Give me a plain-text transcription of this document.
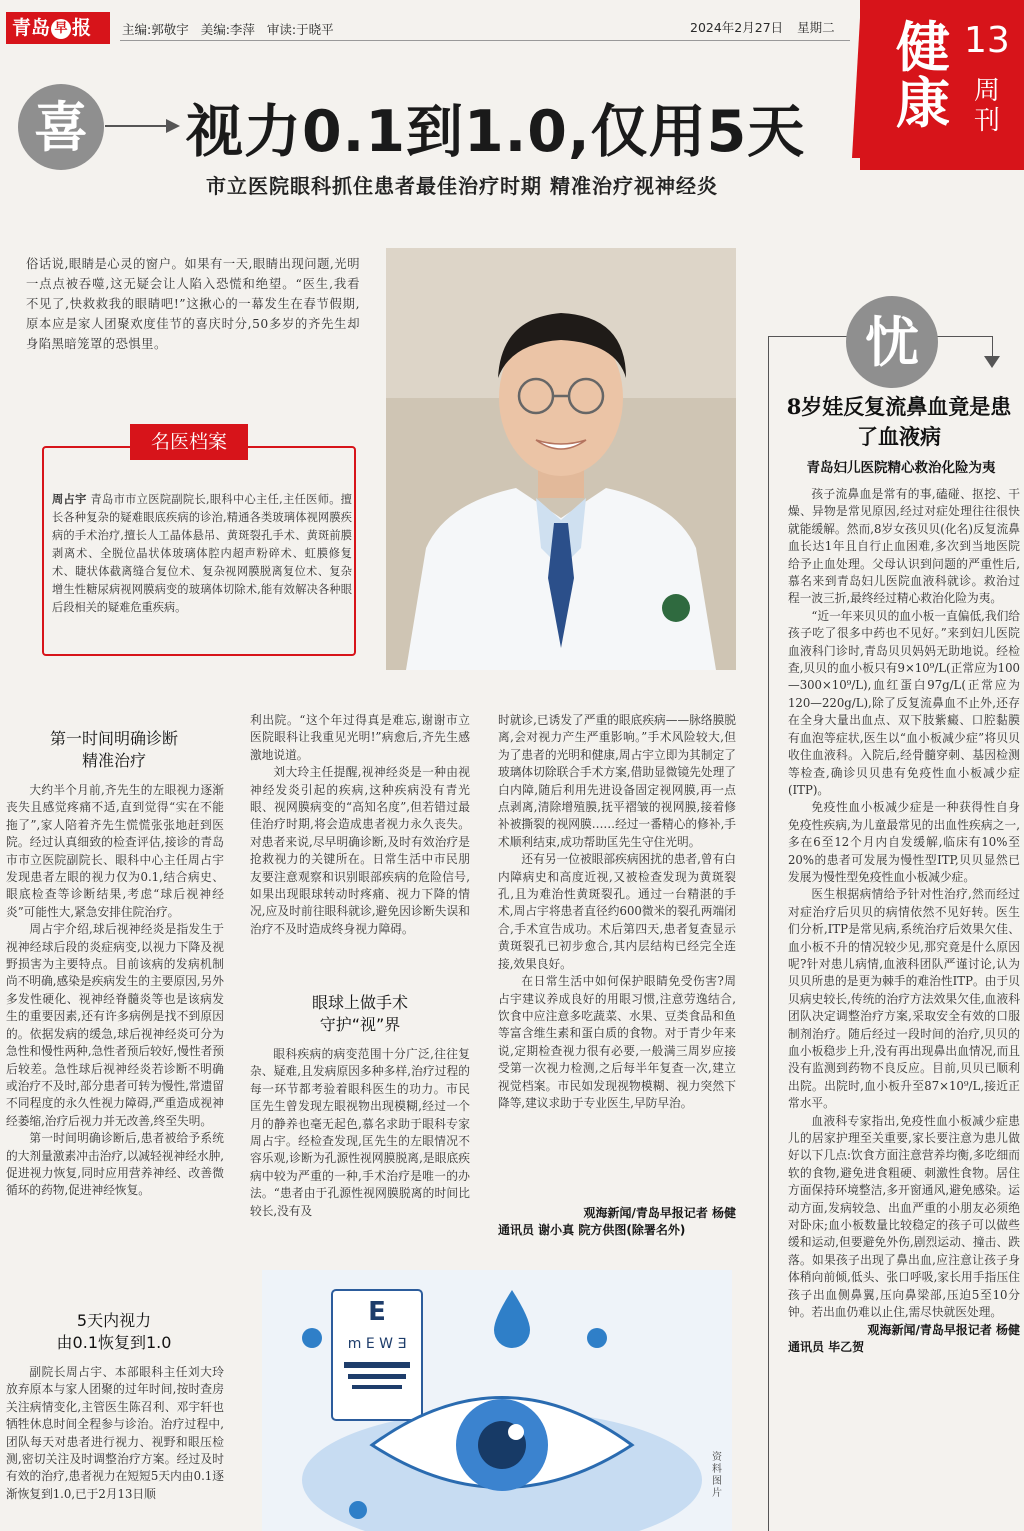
青岛 早 报	主编:郭敬宇 美编:李萍 审读:于晓平	2024年2月27日 星期二 健康
13
周刊
喜 视力0.1到1.0,仅用5天
市立医院眼科抓住患者最佳治疗时期 精准治疗视神经炎
俗话说,眼睛是心灵的窗户。如果有一天,眼睛出现问题,光明一点点被吞噬,这无疑会让人陷入恐慌和绝望。“医生,我看不见了,快救救我的眼睛吧!”这揪心的一幕发生在春节假期,原本应是家人团聚欢度佳节的喜庆时分,50多岁的齐先生却身陷黑暗笼罩的恐惧里。
名医档案
周占宇 青岛市市立医院副院长,眼科中心主任,主任医师。擅长各种复杂的疑难眼底疾病的诊治,精通各类玻璃体视网膜疾病的手术治疗,擅长人工晶体悬吊、黄斑裂孔手术、黄斑前膜剥离术、全脱位晶状体玻璃体腔内超声粉碎术、虹膜修复术、睫状体截离缝合复位术、复杂视网膜脱离复位术、复杂增生性糖尿病视网膜病变的玻璃体切除术,能有效解决各种眼后段相关的疑难危重疾病。
第一时间明确诊断
精准治疗

大约半个月前,齐先生的左眼视力逐渐丧失且感觉疼痛不适,直到觉得“实在不能拖了”,家人陪着齐先生慌慌张张地赶到医院。经过认真细致的检查评估,接诊的青岛市市立医院副院长、眼科中心主任周占宇发现患者左眼的视力仅为0.1,结合病史、眼底检查等诊断结果,考虑“球后视神经炎”可能性大,紧急安排住院治疗。

周占宇介绍,球后视神经炎是指发生于视神经球后段的炎症病变,以视力下降及视野损害为主要特点。目前该病的发病机制尚不明确,感染是疾病发生的主要原因,另外多发性硬化、视神经脊髓炎等也是该病发生的重要因素,还有许多病例是找不到原因的。依据发病的缓急,球后视神经炎可分为急性和慢性两种,急性者预后较好,慢性者预后较差。急性球后视神经炎若诊断不明确或治疗不及时,部分患者可转为慢性,常遗留不同程度的永久性视力障碍,严重造成视神经萎缩,治疗后视力并无改善,终至失明。

第一时间明确诊断后,患者被给予系统的大剂量激素冲击治疗,以减轻视神经水肿,促进视力恢复,同时应用营养神经、改善微循环的药物,促进神经恢复。

5天内视力
由0.1恢复到1.0

副院长周占宇、本部眼科主任刘大玲放弃原本与家人团聚的过年时间,按时查房关注病情变化,主管医生陈召利、邓宇轩也牺牲休息时间全程参与诊治。治疗过程中,团队每天对患者进行视力、视野和眼压检测,密切关注及时调整治疗方案。经过及时有效的治疗,患者视力在短短5天内由0.1逐渐恢复到1.0,已于2月13日顺

利出院。“这个年过得真是难忘,谢谢市立医院眼科让我重见光明!”病愈后,齐先生感激地说道。

刘大玲主任提醒,视神经炎是一种由视神经发炎引起的疾病,这种疾病没有青光眼、视网膜病变的“高知名度”,但若错过最佳治疗时期,将会造成患者视力永久丧失。对患者来说,尽早明确诊断,及时有效治疗是抢救视力的关键所在。日常生活中市民朋友要注意观察和识别眼部疾病的危险信号,如果出现眼球转动时疼痛、视力下降的情况,应及时前往眼科就诊,避免因诊断失误和治疗不及时造成终身视力障碍。

眼球上做手术
守护“视”界

眼科疾病的病变范围十分广泛,往往复杂、疑难,且发病原因多种多样,治疗过程的每一环节都考验着眼科医生的功力。市民匡先生曾发现左眼视物出现模糊,经过一个月的静养也毫无起色,慕名求助于眼科专家周占宇。经检查发现,匡先生的左眼情况不容乐观,诊断为孔源性视网膜脱离,是眼底疾病中较为严重的一种,手术治疗是唯一的办法。“患者由于孔源性视网膜脱离的时间比较长,没有及

时就诊,已诱发了严重的眼底疾病——脉络膜脱离,会对视力产生严重影响。”手术风险较大,但为了患者的光明和健康,周占宇立即为其制定了玻璃体切除联合手术方案,借助显微镜先处理了白内障,随后利用先进设备固定视网膜,再一点点剥离,清除增殖膜,抚平褶皱的视网膜,接着修补被撕裂的视网膜……经过一番精心的修补,手术顺利结束,成功帮助匡先生守住光明。

还有另一位被眼部疾病困扰的患者,曾有白内障病史和高度近视,又被检查发现为黄斑裂孔,且为难治性黄斑裂孔。通过一台精湛的手术,周占宇将患者直径约600微米的裂孔两端闭合,手术宣告成功。术后第四天,患者复查显示黄斑裂孔已初步愈合,其内层结构已经完全连接,效果良好。

在日常生活中如何保护眼睛免受伤害?周占宇建议养成良好的用眼习惯,注意劳逸结合,饮食中应注意多吃蔬菜、水果、豆类食品和鱼等富含维生素和蛋白质的食物。对于青少年来说,定期检查视力很有必要,一般满三周岁应接受第一次视力检测,之后每半年复查一次,建立视觉档案。市民如发现视物模糊、视力突然下降等,建议求助于专业医生,早防早治。

观海新闻/青岛早报记者 杨健
通讯员 谢小真 院方供图(除署名外)
E
m E W ∃
资料图片
忧
8岁娃反复流鼻血竟是患了血液病
青岛妇儿医院精心救治化险为夷

孩子流鼻血是常有的事,磕碰、抠挖、干燥、异物是常见原因,经过对症处理往往很快就能缓解。然而,8岁女孩贝贝(化名)反复流鼻血长达1年且自行止血困难,多次到当地医院给予止血处理。父母认识到问题的严重性后,慕名来到青岛妇儿医院血液科就诊。救治过程一波三折,最终经过精心救治化险为夷。

“近一年来贝贝的血小板一直偏低,我们给孩子吃了很多中药也不见好。”来到妇儿医院血液科门诊时,青岛贝贝妈妈无助地说。经检查,贝贝的血小板只有9×10⁹/L(正常应为100—300×10⁹/L),血红蛋白97g/L(正常应为120—220g/L),除了反复流鼻血不止外,还存在全身大量出血点、双下肢紫癜、口腔黏膜有血泡等症状,医生以“血小板减少症”将贝贝收住血液科。入院后,经骨髓穿刺、基因检测等检查,确诊贝贝患有免疫性血小板减少症(ITP)。

免疫性血小板减少症是一种获得性自身免疫性疾病,为儿童最常见的出血性疾病之一,多在6至12个月内自发缓解,临床有10%至20%的患者可发展为慢性型ITP,贝贝显然已发展为慢性型免疫性血小板减少症。

医生根据病情给予针对性治疗,然而经过对症治疗后贝贝的病情依然不见好转。医生们分析,ITP是常见病,系统治疗后效果欠佳、血小板不升的情况较少见,那究竟是什么原因呢?针对患儿病情,血液科团队严谨讨论,认为贝贝所患的是更为棘手的难治性ITP。由于贝贝病史较长,传统的治疗方法效果欠佳,血液科团队决定调整治疗方案,采取安全有效的口服制剂治疗。随后经过一段时间的治疗,贝贝的血小板稳步上升,没有再出现鼻出血情况,而且没有监测到药物不良反应。目前,贝贝已顺利出院。出院时,血小板升至87×10⁹/L,接近正常水平。

血液科专家指出,免疫性血小板减少症患儿的居家护理至关重要,家长要注意为患儿做好以下几点:饮食方面注意营养均衡,多吃细而软的食物,避免进食粗硬、刺激性食物。居住方面保持环境整洁,多开窗通风,避免感染。运动方面,发病较急、出血严重的小朋友必须绝对卧床;血小板数量比较稳定的孩子可以做些缓和运动,但要避免外伤,剧烈运动、撞击、跌落。如果孩子出现了鼻出血,应注意让孩子身体稍向前倾,低头、张口呼吸,家长用手指压住孩子出血侧鼻翼,压向鼻梁部,压迫5至10分钟。若出血仍难以止住,需尽快就医处理。

观海新闻/青岛早报记者 杨健
通讯员 毕乙贺
